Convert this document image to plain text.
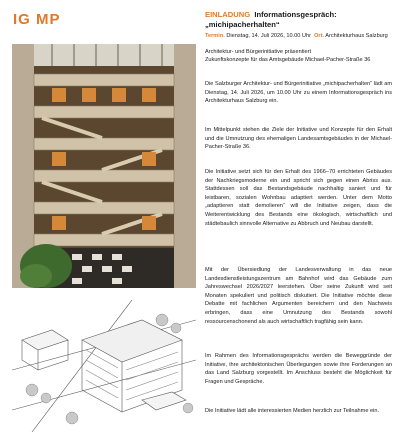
IG MP	EINLADUNG Informationsgespräch: „michipacherhalten“
Termin. Dienstag, 14. Juli 2026, 10.00 Uhr Ort. Architekturhaus Salzburg
Architektur- und Bürgerinitiative präsentiert
Zukunftskonzepte für das Amtsgebäude Michael-Pacher-Straße 36

Die Salzburger Architektur- und Bürgerinitiative „michipacherhalten“ lädt am Dienstag, 14. Juli 2026, um 10.00 Uhr zu einem Informationsgespräch ins Architekturhaus Salzburg ein.

Im Mittelpunkt stehen die Ziele der Initiative und Konzepte für den Erhalt und die Umnutzung des ehemaligen Landesamtsgebäudes in der Michael-Pacher-Straße 36.

Die Initiative setzt sich für den Erhalt des 1966–70 errichteten Gebäudes der Nachkriegsmoderne ein und spricht sich gegen einen Abriss aus. Stattdessen soll das Bestandsgebäude nachhaltig saniert und für leistbaren, sozialen Wohnbau adaptiert werden. Unter dem Motto „adaptieren statt demolieren“ will die Initiative zeigen, dass die Weiterentwicklung des Bestands eine ökologisch, wirtschaftlich und städtebaulich sinnvolle Alternative zu Abbruch und Neubau darstellt.

Mit der Übersiedlung der Landesverwaltung in das neue Landesdienstleistungszentrum am Bahnhof wird das Gebäude zum Jahreswechsel 2026/2027 leerstehen. Über seine Zukunft wird seit Monaten spekuliert und politisch diskutiert. Die Initiative möchte diese Debatte mit fachlichen Argumenten bereichern und den Nachweis erbringen, dass eine Umnutzung des Bestands sowohl ressourcenschonend als auch wirtschaftlich tragfähig sein kann.

Im Rahmen des Informationsgesprächs werden die Beweggründe der Initiative, ihre architektonischen Überlegungen sowie ihre Forderungen an das Land Salzburg vorgestellt. Im Anschluss besteht die Möglichkeit für Fragen und Gespräche.

Die Initiative lädt alle interessierten Medien herzlich zur Teilnahme ein.
